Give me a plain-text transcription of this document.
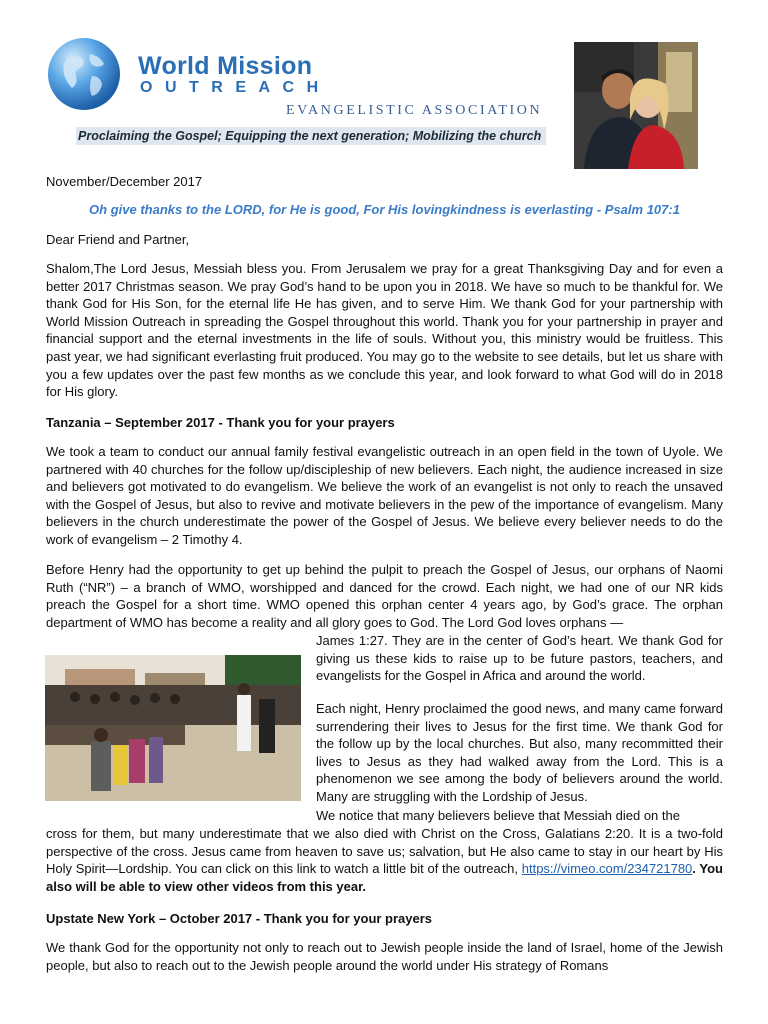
World Mission
OUTREACH
EVANGELISTIC ASSOCIATION
Proclaiming the Gospel; Equipping the next generation; Mobilizing the church
November/December 2017
Oh give thanks to the LORD, for He is good, For His lovingkindness is everlasting - Psalm 107:1
Dear Friend and Partner,
Shalom,The Lord Jesus, Messiah bless you. From Jerusalem we pray for a great Thanksgiving Day and for even a better 2017 Christmas season. We pray God’s hand to be upon you in 2018. We have so much to be thankful for. We thank God for His Son, for the eternal life He has given, and to serve Him. We thank God for your partnership with World Mission Outreach in spreading the Gospel throughout this world. Thank you for your partnership in prayer and financial support and the eternal investments in the life of souls. Without you, this ministry would be fruitless. This past year, we had significant everlasting fruit produced. You may go to the website to see details, but let us share with you a few updates over the past few months as we conclude this year, and look forward to what God will do in 2018 for His glory.
Tanzania – September 2017 - Thank you for your prayers
We took a team to conduct our annual family festival evangelistic outreach in an open field in the town of Uyole. We partnered with 40 churches for the follow up/discipleship of new believers. Each night, the audience increased in size and believers got motivated to do evangelism. We believe the work of an evangelist is not only to reach the unsaved with the Gospel of Jesus, but also to revive and motivate believers in the pew of the importance of evangelism. Many believers in the church underestimate the power of the Gospel of Jesus. We believe every believer needs to do the work of evangelism – 2 Timothy 4.
Before Henry had the opportunity to get up behind the pulpit to preach the Gospel of Jesus, our orphans of Naomi Ruth (“NR”) – a branch of WMO, worshipped and danced for the crowd. Each night, we had one of our NR kids preach the Gospel for a short time. WMO opened this orphan center 4 years ago, by God’s grace. The orphan department of WMO has become a reality and all glory goes to God. The Lord God loves orphans —
James 1:27. They are in the center of God’s heart. We thank God for giving us these kids to raise up to be future pastors, teachers, and evangelists for the Gospel in Africa and around the world.
Each night, Henry proclaimed the good news, and many came forward surrendering their lives to Jesus for the first time. We thank God for the follow up by the local churches. But also, many recommitted their lives to Jesus as they had walked away from the Lord. This is a phenomenon we see among the body of believers around the world. Many are struggling with the Lordship of Jesus.
We notice that many believers believe that Messiah died on the
cross for them, but many underestimate that we also died with Christ on the Cross, Galatians 2:20. It is a two-fold perspective of the cross. Jesus came from heaven to save us; salvation, but He also came to stay in our heart by His Holy Spirit—Lordship. You can click on this link to watch a little bit of the outreach, https://vimeo.com/234721780. You also will be able to view other videos from this year.
Upstate New York – October 2017 - Thank you for your prayers
We thank God for the opportunity not only to reach out to Jewish people inside the land of Israel, home of the Jewish people, but also to reach out to the Jewish people around the world under His strategy of Romans
